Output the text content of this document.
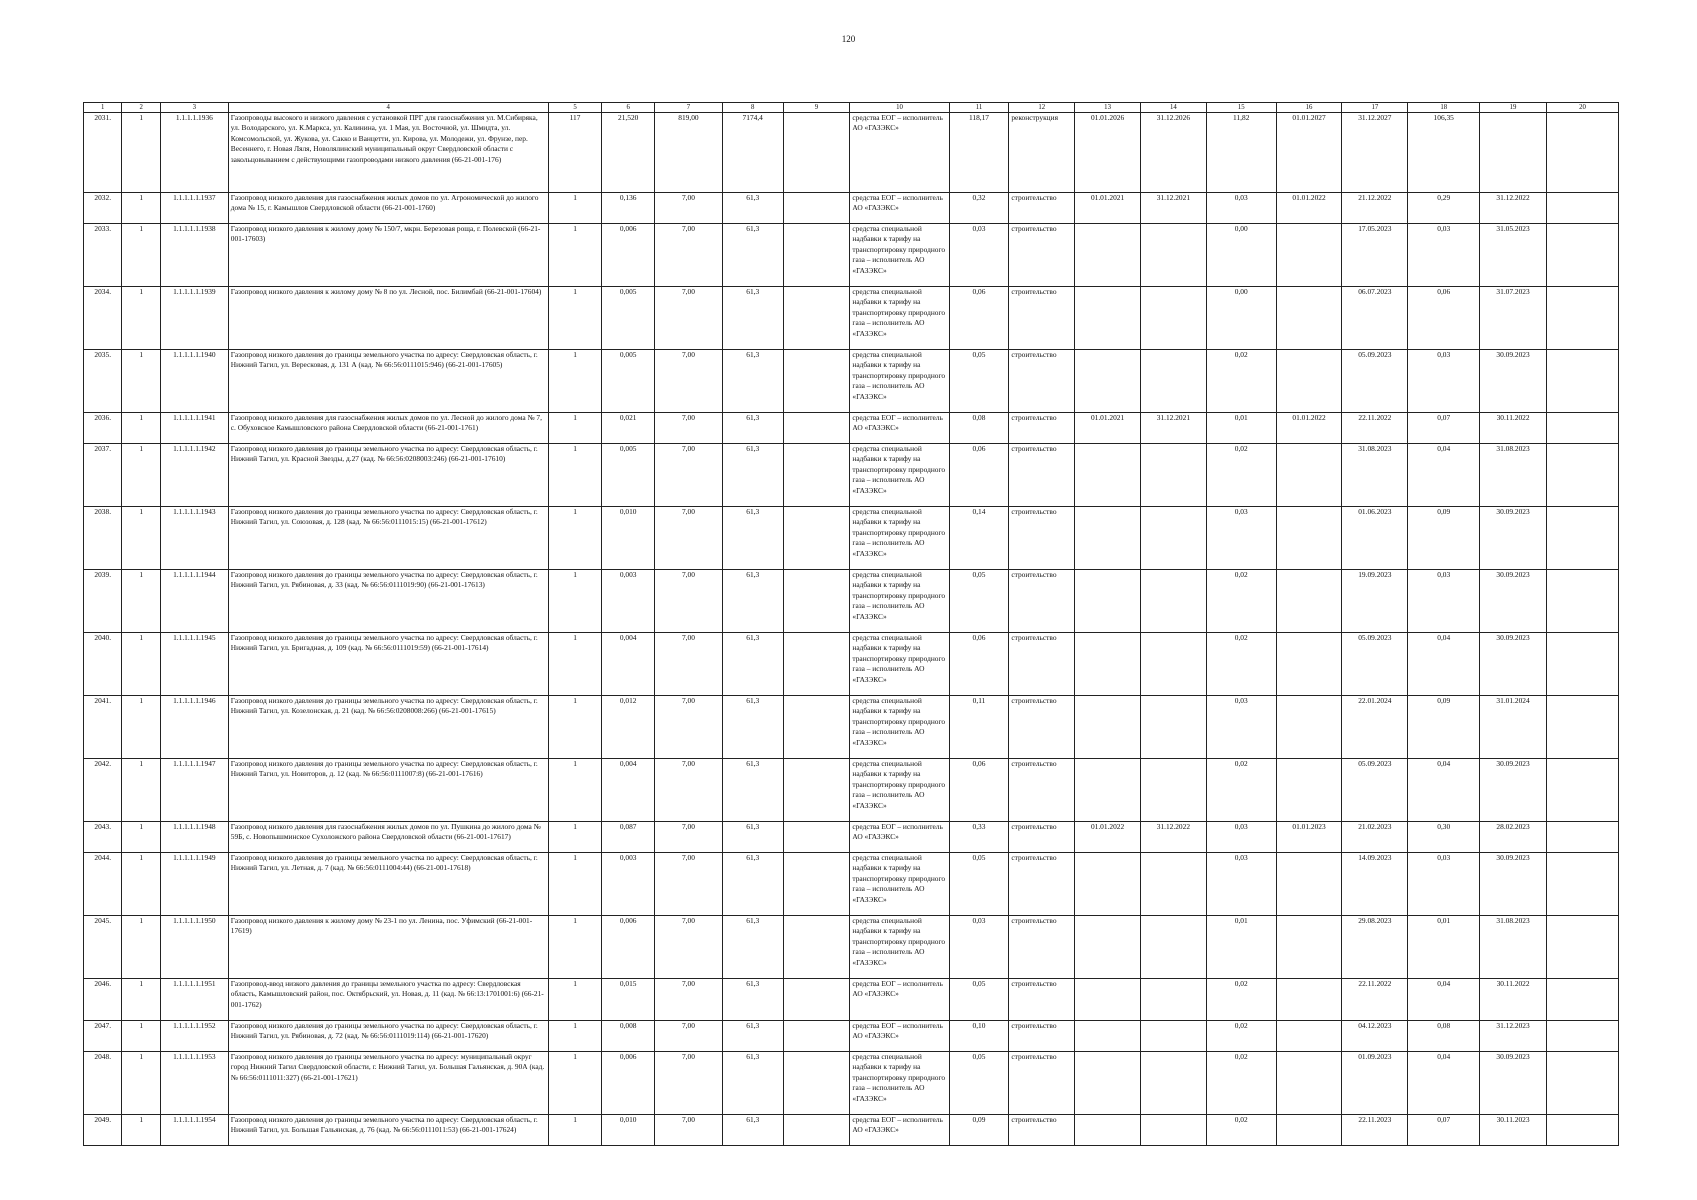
120
1	2	3	4	5	6	7	8	9	10	11	12	13	14	15	16	17	18	19	20
2031.	1	1.1.1.1.1936	Газопроводы высокого и низкого давления с установкой ПРГ для газоснабжения ул. М.Сибиряка, ул. Володарского, ул. К.Маркса, ул. Калинина, ул. 1 Мая, ул. Восточной, ул. Шмидта, ул. Комсомольской, ул. Жукова, ул. Сакко и Ванцетти, ул. Кирова, ул. Молодежи, ул. Фрунзе, пер. Весеннего, г. Новая Ляля, Новолялинский муниципальный округ Свердловской области с закольцовыванием с действующими газопроводами низкого давления (66-21-001-176)	117	21,520	819,00	7174,4		средства ЕОГ – исполнитель АО «ГАЗЭКС»	118,17	реконструкция	01.01.2026	31.12.2026	11,82	01.01.2027	31.12.2027	106,35		
2032.	1	1.1.1.1.1.1937	Газопровод низкого давления для газоснабжения жилых домов по ул. Агрономической до жилого дома № 15, г. Камышлов Свердловской области (66-21-001-1760)	1	0,136	7,00	61,3		средства ЕОГ – исполнитель АО «ГАЗЭКС»	0,32	строительство	01.01.2021	31.12.2021	0,03	01.01.2022	21.12.2022	0,29	31.12.2022	
2033.	1	1.1.1.1.1.1938	Газопровод низкого давления к жилому дому № 150/7, мкрн. Березовая роща, г. Полевской (66-21-001-17603)	1	0,006	7,00	61,3		средства специальной надбавки к тарифу на транспортировку природного газа – исполнитель АО «ГАЗЭКС»	0,03	строительство			0,00		17.05.2023	0,03	31.05.2023	
2034.	1	1.1.1.1.1.1939	Газопровод низкого давления к жилому дому № 8 по ул. Лесной, пос. Билимбай (66-21-001-17604)	1	0,005	7,00	61,3		средства специальной надбавки к тарифу на транспортировку природного газа – исполнитель АО «ГАЗЭКС»	0,06	строительство			0,00		06.07.2023	0,06	31.07.2023	
2035.	1	1.1.1.1.1.1940	Газопровод низкого давления до границы земельного участка по адресу: Свердловская область, г. Нижний Тагил, ул. Вересковая, д. 131 А (кад. № 66:56:0111015:946) (66-21-001-17605)	1	0,005	7,00	61,3		средства специальной надбавки к тарифу на транспортировку природного газа – исполнитель АО «ГАЗЭКС»	0,05	строительство			0,02		05.09.2023	0,03	30.09.2023	
2036.	1	1.1.1.1.1.1941	Газопровод низкого давления для газоснабжения жилых домов по ул. Лесной до жилого дома № 7, с. Обуховское Камышловского района Свердловской области (66-21-001-1761)	1	0,021	7,00	61,3		средства ЕОГ – исполнитель АО «ГАЗЭКС»	0,08	строительство	01.01.2021	31.12.2021	0,01	01.01.2022	22.11.2022	0,07	30.11.2022	
2037.	1	1.1.1.1.1.1942	Газопровод низкого давления до границы земельного участка по адресу: Свердловская область, г. Нижний Тагил, ул. Красной Звезды, д.27 (кад. № 66:56:0208003:246) (66-21-001-17610)	1	0,005	7,00	61,3		средства специальной надбавки к тарифу на транспортировку природного газа – исполнитель АО «ГАЗЭКС»	0,06	строительство			0,02		31.08.2023	0,04	31.08.2023	
2038.	1	1.1.1.1.1.1943	Газопровод низкого давления до границы земельного участка по адресу: Свердловская область, г. Нижний Тагил, ул. Союзовая, д. 128 (кад. № 66:56:0111015:15) (66-21-001-17612)	1	0,010	7,00	61,3		средства специальной надбавки к тарифу на транспортировку природного газа – исполнитель АО «ГАЗЭКС»	0,14	строительство			0,03		01.06.2023	0,09	30.09.2023	
2039.	1	1.1.1.1.1.1944	Газопровод низкого давления до границы земельного участка по адресу: Свердловская область, г. Нижний Тагил, ул. Рябиновая, д. 33 (кад. № 66:56:0111019:90) (66-21-001-17613)	1	0,003	7,00	61,3		средства специальной надбавки к тарифу на транспортировку природного газа – исполнитель АО «ГАЗЭКС»	0,05	строительство			0,02		19.09.2023	0,03	30.09.2023	
2040.	1	1.1.1.1.1.1945	Газопровод низкого давления до границы земельного участка по адресу: Свердловская область, г. Нижний Тагил, ул. Бригадная, д. 109 (кад. № 66:56:0111019:59) (66-21-001-17614)	1	0,004	7,00	61,3		средства специальной надбавки к тарифу на транспортировку природного газа – исполнитель АО «ГАЗЭКС»	0,06	строительство			0,02		05.09.2023	0,04	30.09.2023	
2041.	1	1.1.1.1.1.1946	Газопровод низкого давления до границы земельного участка по адресу: Свердловская область, г. Нижний Тагил, ул. Козелонская, д. 21 (кад. № 66:56:0208008:266) (66-21-001-17615)	1	0,012	7,00	61,3		средства специальной надбавки к тарифу на транспортировку природного газа – исполнитель АО «ГАЗЭКС»	0,11	строительство			0,03		22.01.2024	0,09	31.01.2024	
2042.	1	1.1.1.1.1.1947	Газопровод низкого давления до границы земельного участка по адресу: Свердловская область, г. Нижний Тагил, ул. Новиторов, д. 12 (кад. № 66:56:0111007:8) (66-21-001-17616)	1	0,004	7,00	61,3		средства специальной надбавки к тарифу на транспортировку природного газа – исполнитель АО «ГАЗЭКС»	0,06	строительство			0,02		05.09.2023	0,04	30.09.2023	
2043.	1	1.1.1.1.1.1948	Газопровод низкого давления для газоснабжения жилых домов по ул. Пушкина до жилого дома № 59Б, с. Новопышминское Сухоложского района Свердловской области (66-21-001-17617)	1	0,087	7,00	61,3		средства ЕОГ – исполнитель АО «ГАЗЭКС»	0,33	строительство	01.01.2022	31.12.2022	0,03	01.01.2023	21.02.2023	0,30	28.02.2023	
2044.	1	1.1.1.1.1.1949	Газопровод низкого давления до границы земельного участка по адресу: Свердловская область, г. Нижний Тагил, ул. Летная, д. 7 (кад. № 66:56:0111004:44) (66-21-001-17618)	1	0,003	7,00	61,3		средства специальной надбавки к тарифу на транспортировку природного газа – исполнитель АО «ГАЗЭКС»	0,05	строительство			0,03		14.09.2023	0,03	30.09.2023	
2045.	1	1.1.1.1.1.1950	Газопровод низкого давления к жилому дому № 23-1 по ул. Ленина, пос. Уфимский (66-21-001-17619)	1	0,006	7,00	61,3		средства специальной надбавки к тарифу на транспортировку природного газа – исполнитель АО «ГАЗЭКС»	0,03	строительство			0,01		29.08.2023	0,01	31.08.2023	
2046.	1	1.1.1.1.1.1951	Газопровод-ввод низкого давления до границы земельного участка по адресу: Свердловская область, Камышловский район, пос. Октябрьский, ул. Новая, д. 11 (кад. № 66:13:1701001:6) (66-21-001-1762)	1	0,015	7,00	61,3		средства ЕОГ – исполнитель АО «ГАЗЭКС»	0,05	строительство			0,02		22.11.2022	0,04	30.11.2022	
2047.	1	1.1.1.1.1.1952	Газопровод низкого давления до границы земельного участка по адресу: Свердловская область, г. Нижний Тагил, ул. Рябиновая, д. 72 (кад. № 66:56:0111019:114) (66-21-001-17620)	1	0,008	7,00	61,3		средства ЕОГ – исполнитель АО «ГАЗЭКС»	0,10	строительство			0,02		04.12.2023	0,08	31.12.2023	
2048.	1	1.1.1.1.1.1953	Газопровод низкого давления до границы земельного участка по адресу: муниципальный округ город Нижний Тагил Свердловской области, г. Нижний Тагил, ул. Большая Гальянская, д. 90А (кад. № 66:56:0111011:327) (66-21-001-17621)	1	0,006	7,00	61,3		средства специальной надбавки к тарифу на транспортировку природного газа – исполнитель АО «ГАЗЭКС»	0,05	строительство			0,02		01.09.2023	0,04	30.09.2023	
2049.	1	1.1.1.1.1.1954	Газопровод низкого давления до границы земельного участка по адресу: Свердловская область, г. Нижний Тагил, ул. Большая Гальянская, д. 76 (кад. № 66:56:0111011:53) (66-21-001-17624)	1	0,010	7,00	61,3		средства ЕОГ – исполнитель АО «ГАЗЭКС»	0,09	строительство			0,02		22.11.2023	0,07	30.11.2023	
